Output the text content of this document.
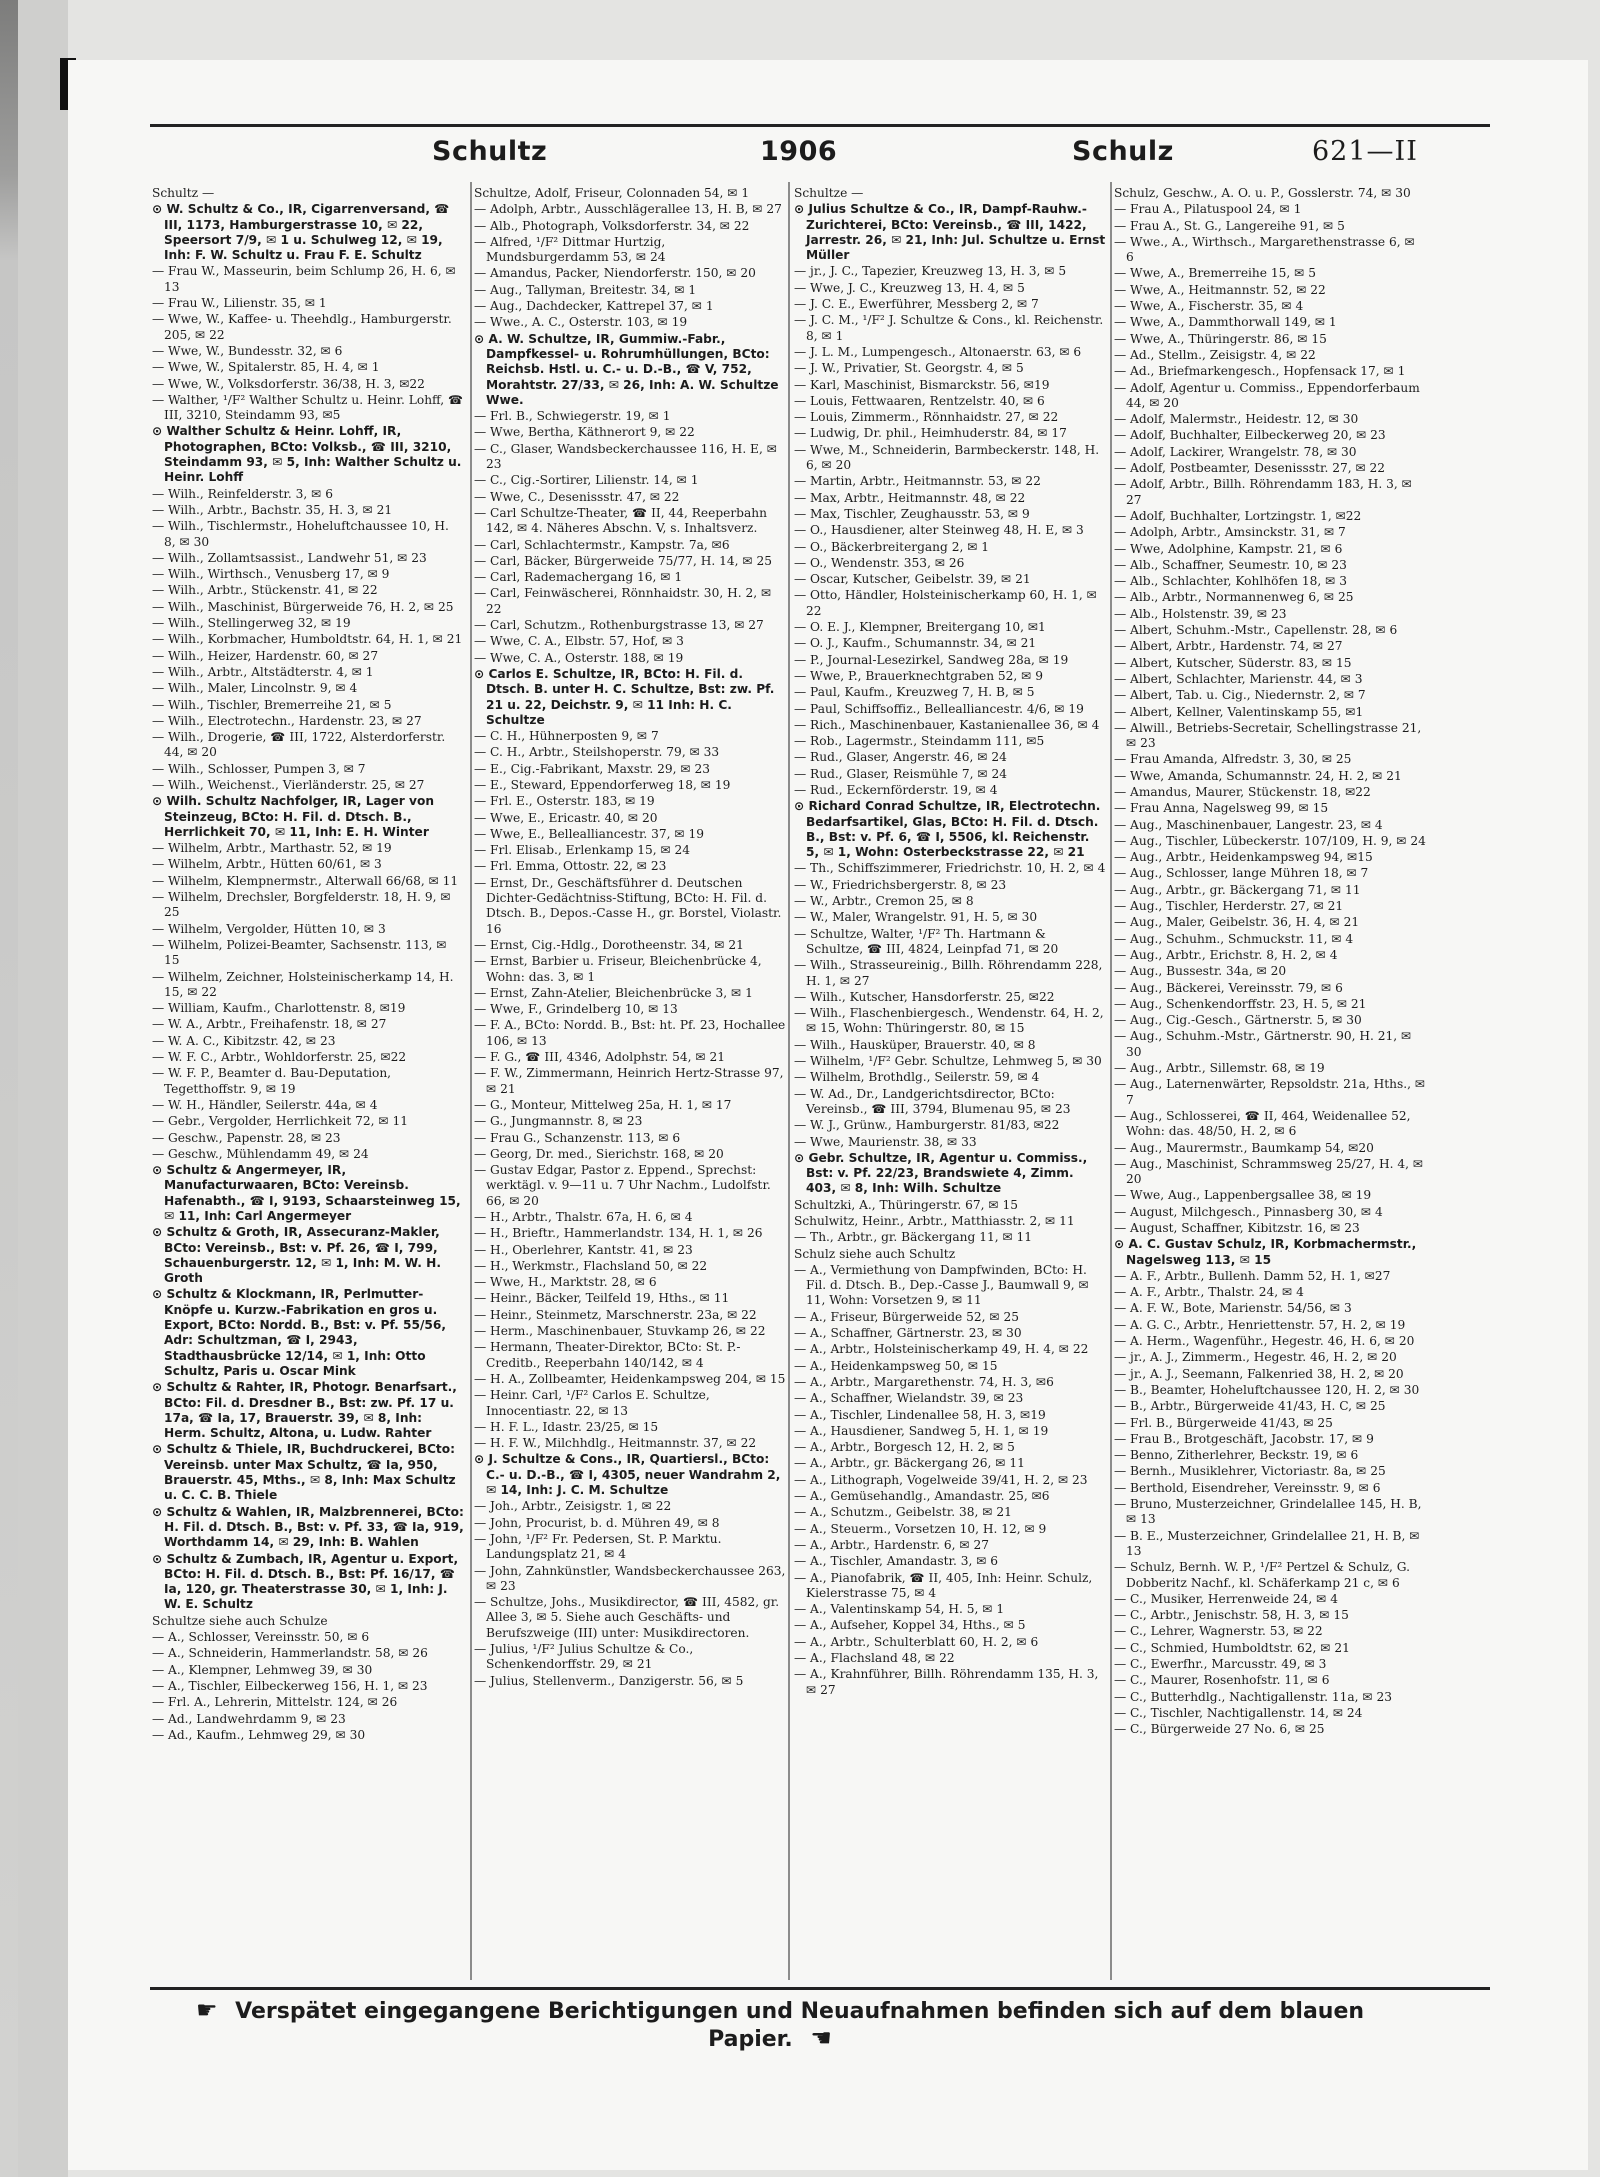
Schultz	1906	Schulz	621—II

Schultz —

⊙ W. Schultz & Co., IR, Cigarrenversand, ☎ III, 1173, Hamburgerstrasse 10, ✉ 22, Speersort 7/9, ✉ 1 u. Schulweg 12, ✉ 19, Inh: F. W. Schultz u. Frau F. E. Schultz

— Frau W., Masseurin, beim Schlump 26, H. 6, ✉ 13

— Frau W., Lilienstr. 35, ✉ 1

— Wwe, W., Kaffee- u. Theehdlg., Hamburgerstr. 205, ✉ 22

— Wwe, W., Bundesstr. 32, ✉ 6

— Wwe, W., Spitalerstr. 85, H. 4, ✉ 1

— Wwe, W., Volksdorferstr. 36/38, H. 3, ✉22

— Walther, ¹/F² Walther Schultz u. Heinr. Lohff, ☎ III, 3210, Steindamm 93, ✉5

⊙ Walther Schultz & Heinr. Lohff, IR, Photographen, BCto: Volksb., ☎ III, 3210, Steindamm 93, ✉ 5, Inh: Walther Schultz u. Heinr. Lohff

— Wilh., Reinfelderstr. 3, ✉ 6

— Wilh., Arbtr., Bachstr. 35, H. 3, ✉ 21

— Wilh., Tischlermstr., Hoheluftchaussee 10, H. 8, ✉ 30

— Wilh., Zollamtsassist., Landwehr 51, ✉ 23

— Wilh., Wirthsch., Venusberg 17, ✉ 9

— Wilh., Arbtr., Stückenstr. 41, ✉ 22

— Wilh., Maschinist, Bürgerweide 76, H. 2, ✉ 25

— Wilh., Stellingerweg 32, ✉ 19

— Wilh., Korbmacher, Humboldtstr. 64, H. 1, ✉ 21

— Wilh., Heizer, Hardenstr. 60, ✉ 27

— Wilh., Arbtr., Altstädterstr. 4, ✉ 1

— Wilh., Maler, Lincolnstr. 9, ✉ 4

— Wilh., Tischler, Bremerreihe 21, ✉ 5

— Wilh., Electrotechn., Hardenstr. 23, ✉ 27

— Wilh., Drogerie, ☎ III, 1722, Alsterdorferstr. 44, ✉ 20

— Wilh., Schlosser, Pumpen 3, ✉ 7

— Wilh., Weichenst., Vierländerstr. 25, ✉ 27

⊙ Wilh. Schultz Nachfolger, IR, Lager von Steinzeug, BCto: H. Fil. d. Dtsch. B., Herrlichkeit 70, ✉ 11, Inh: E. H. Winter

— Wilhelm, Arbtr., Marthastr. 52, ✉ 19

— Wilhelm, Arbtr., Hütten 60/61, ✉ 3

— Wilhelm, Klempnermstr., Alterwall 66/68, ✉ 11

— Wilhelm, Drechsler, Borgfelderstr. 18, H. 9, ✉ 25

— Wilhelm, Vergolder, Hütten 10, ✉ 3

— Wilhelm, Polizei-Beamter, Sachsenstr. 113, ✉ 15

— Wilhelm, Zeichner, Holsteinischerkamp 14, H. 15, ✉ 22

— William, Kaufm., Charlottenstr. 8, ✉19

— W. A., Arbtr., Freihafenstr. 18, ✉ 27

— W. A. C., Kibitzstr. 42, ✉ 23

— W. F. C., Arbtr., Wohldorferstr. 25, ✉22

— W. F. P., Beamter d. Bau-Deputation, Tegetthoffstr. 9, ✉ 19

— W. H., Händler, Seilerstr. 44a, ✉ 4

— Gebr., Vergolder, Herrlichkeit 72, ✉ 11

— Geschw., Papenstr. 28, ✉ 23

— Geschw., Mühlendamm 49, ✉ 24

⊙ Schultz & Angermeyer, IR, Manufacturwaaren, BCto: Vereinsb. Hafenabth., ☎ I, 9193, Schaarsteinweg 15, ✉ 11, Inh: Carl Angermeyer

⊙ Schultz & Groth, IR, Assecuranz-Makler, BCto: Vereinsb., Bst: v. Pf. 26, ☎ I, 799, Schauenburgerstr. 12, ✉ 1, Inh: M. W. H. Groth

⊙ Schultz & Klockmann, IR, Perlmutter-Knöpfe u. Kurzw.-Fabrikation en gros u. Export, BCto: Nordd. B., Bst: v. Pf. 55/56, Adr: Schultzman, ☎ I, 2943, Stadthausbrücke 12/14, ✉ 1, Inh: Otto Schultz, Paris u. Oscar Mink

⊙ Schultz & Rahter, IR, Photogr. Benarfsart., BCto: Fil. d. Dresdner B., Bst: zw. Pf. 17 u. 17a, ☎ Ia, 17, Brauerstr. 39, ✉ 8, Inh: Herm. Schultz, Altona, u. Ludw. Rahter

⊙ Schultz & Thiele, IR, Buchdruckerei, BCto: Vereinsb. unter Max Schultz, ☎ Ia, 950, Brauerstr. 45, Mths., ✉ 8, Inh: Max Schultz u. C. C. B. Thiele

⊙ Schultz & Wahlen, IR, Malzbrennerei, BCto: H. Fil. d. Dtsch. B., Bst: v. Pf. 33, ☎ Ia, 919, Worthdamm 14, ✉ 29, Inh: B. Wahlen

⊙ Schultz & Zumbach, IR, Agentur u. Export, BCto: H. Fil. d. Dtsch. B., Bst: Pf. 16/17, ☎ Ia, 120, gr. Theaterstrasse 30, ✉ 1, Inh: J. W. E. Schultz

Schultze siehe auch Schulze

— A., Schlosser, Vereinsstr. 50, ✉ 6

— A., Schneiderin, Hammerlandstr. 58, ✉ 26

— A., Klempner, Lehmweg 39, ✉ 30

— A., Tischler, Eilbeckerweg 156, H. 1, ✉ 23

— Frl. A., Lehrerin, Mittelstr. 124, ✉ 26

— Ad., Landwehrdamm 9, ✉ 23

— Ad., Kaufm., Lehmweg 29, ✉ 30

Schultze, Adolf, Friseur, Colonnaden 54, ✉ 1

— Adolph, Arbtr., Ausschlägerallee 13, H. B, ✉ 27

— Alb., Photograph, Volksdorferstr. 34, ✉ 22

— Alfred, ¹/F² Dittmar Hurtzig, Mundsburgerdamm 53, ✉ 24

— Amandus, Packer, Niendorferstr. 150, ✉ 20

— Aug., Tallyman, Breitestr. 34, ✉ 1

— Aug., Dachdecker, Kattrepel 37, ✉ 1

— Wwe., A. C., Osterstr. 103, ✉ 19

⊙ A. W. Schultze, IR, Gummiw.-Fabr., Dampfkessel- u. Rohrumhüllungen, BCto: Reichsb. Hstl. u. C.- u. D.-B., ☎ V, 752, Morahtstr. 27/33, ✉ 26, Inh: A. W. Schultze Wwe.

— Frl. B., Schwiegerstr. 19, ✉ 1

— Wwe, Bertha, Käthnerort 9, ✉ 22

— C., Glaser, Wandsbeckerchaussee 116, H. E, ✉ 23

— C., Cig.-Sortirer, Lilienstr. 14, ✉ 1

— Wwe, C., Desenissstr. 47, ✉ 22

— Carl Schultze-Theater, ☎ II, 44, Reeperbahn 142, ✉ 4. Näheres Abschn. V, s. Inhaltsverz.

— Carl, Schlachtermstr., Kampstr. 7a, ✉6

— Carl, Bäcker, Bürgerweide 75/77, H. 14, ✉ 25

— Carl, Rademachergang 16, ✉ 1

— Carl, Feinwäscherei, Rönnhaidstr. 30, H. 2, ✉ 22

— Carl, Schutzm., Rothenburgstrasse 13, ✉ 27

— Wwe, C. A., Elbstr. 57, Hof, ✉ 3

— Wwe, C. A., Osterstr. 188, ✉ 19

⊙ Carlos E. Schultze, IR, BCto: H. Fil. d. Dtsch. B. unter H. C. Schultze, Bst: zw. Pf. 21 u. 22, Deichstr. 9, ✉ 11 Inh: H. C. Schultze

— C. H., Hühnerposten 9, ✉ 7

— C. H., Arbtr., Steilshoperstr. 79, ✉ 33

— E., Cig.-Fabrikant, Maxstr. 29, ✉ 23

— E., Steward, Eppendorferweg 18, ✉ 19

— Frl. E., Osterstr. 183, ✉ 19

— Wwe, E., Ericastr. 40, ✉ 20

— Wwe, E., Bellealliancestr. 37, ✉ 19

— Frl. Elisab., Erlenkamp 15, ✉ 24

— Frl. Emma, Ottostr. 22, ✉ 23

— Ernst, Dr., Geschäftsführer d. Deutschen Dichter-Gedächtniss-Stiftung, BCto: H. Fil. d. Dtsch. B., Depos.-Casse H., gr. Borstel, Violastr. 16

— Ernst, Cig.-Hdlg., Dorotheenstr. 34, ✉ 21

— Ernst, Barbier u. Friseur, Bleichenbrücke 4, Wohn: das. 3, ✉ 1

— Ernst, Zahn-Atelier, Bleichenbrücke 3, ✉ 1

— Wwe, F., Grindelberg 10, ✉ 13

— F. A., BCto: Nordd. B., Bst: ht. Pf. 23, Hochallee 106, ✉ 13

— F. G., ☎ III, 4346, Adolphstr. 54, ✉ 21

— F. W., Zimmermann, Heinrich Hertz-Strasse 97, ✉ 21

— G., Monteur, Mittelweg 25a, H. 1, ✉ 17

— G., Jungmannstr. 8, ✉ 23

— Frau G., Schanzenstr. 113, ✉ 6

— Georg, Dr. med., Sierichstr. 168, ✉ 20

— Gustav Edgar, Pastor z. Eppend., Sprechst: werktägl. v. 9—11 u. 7 Uhr Nachm., Ludolfstr. 66, ✉ 20

— H., Arbtr., Thalstr. 67a, H. 6, ✉ 4

— H., Brieftr., Hammerlandstr. 134, H. 1, ✉ 26

— H., Oberlehrer, Kantstr. 41, ✉ 23

— H., Werkmstr., Flachsland 50, ✉ 22

— Wwe, H., Marktstr. 28, ✉ 6

— Heinr., Bäcker, Teilfeld 19, Hths., ✉ 11

— Heinr., Steinmetz, Marschnerstr. 23a, ✉ 22

— Herm., Maschinenbauer, Stuvkamp 26, ✉ 22

— Hermann, Theater-Direktor, BCto: St. P.-Creditb., Reeperbahn 140/142, ✉ 4

— H. A., Zollbeamter, Heidenkampsweg 204, ✉ 15

— Heinr. Carl, ¹/F² Carlos E. Schultze, Innocentiastr. 22, ✉ 13

— H. F. L., Idastr. 23/25, ✉ 15

— H. F. W., Milchhdlg., Heitmannstr. 37, ✉ 22

⊙ J. Schultze & Cons., IR, Quartiersl., BCto: C.- u. D.-B., ☎ I, 4305, neuer Wandrahm 2, ✉ 14, Inh: J. C. M. Schultze

— Joh., Arbtr., Zeisigstr. 1, ✉ 22

— John, Procurist, b. d. Mühren 49, ✉ 8

— John, ¹/F² Fr. Pedersen, St. P. Marktu. Landungsplatz 21, ✉ 4

— John, Zahnkünstler, Wandsbeckerchaussee 263, ✉ 23

— Schultze, Johs., Musikdirector, ☎ III, 4582, gr. Allee 3, ✉ 5. Siehe auch Geschäfts- und Berufszweige (III) unter: Musikdirectoren.

— Julius, ¹/F² Julius Schultze & Co., Schenkendorffstr. 29, ✉ 21

— Julius, Stellenverm., Danzigerstr. 56, ✉ 5

Schultze —

⊙ Julius Schultze & Co., IR, Dampf-Rauhw.-Zurichterei, BCto: Vereinsb., ☎ III, 1422, Jarrestr. 26, ✉ 21, Inh: Jul. Schultze u. Ernst Müller

— jr., J. C., Tapezier, Kreuzweg 13, H. 3, ✉ 5

— Wwe, J. C., Kreuzweg 13, H. 4, ✉ 5

— J. C. E., Ewerführer, Messberg 2, ✉ 7

— J. C. M., ¹/F² J. Schultze & Cons., kl. Reichenstr. 8, ✉ 1

— J. L. M., Lumpengesch., Altonaerstr. 63, ✉ 6

— J. W., Privatier, St. Georgstr. 4, ✉ 5

— Karl, Maschinist, Bismarckstr. 56, ✉19

— Louis, Fettwaaren, Rentzelstr. 40, ✉ 6

— Louis, Zimmerm., Rönnhaidstr. 27, ✉ 22

— Ludwig, Dr. phil., Heimhuderstr. 84, ✉ 17

— Wwe, M., Schneiderin, Barmbeckerstr. 148, H. 6, ✉ 20

— Martin, Arbtr., Heitmannstr. 53, ✉ 22

— Max, Arbtr., Heitmannstr. 48, ✉ 22

— Max, Tischler, Zeughausstr. 53, ✉ 9

— O., Hausdiener, alter Steinweg 48, H. E, ✉ 3

— O., Bäckerbreitergang 2, ✉ 1

— O., Wendenstr. 353, ✉ 26

— Oscar, Kutscher, Geibelstr. 39, ✉ 21

— Otto, Händler, Holsteinischerkamp 60, H. 1, ✉ 22

— O. E. J., Klempner, Breitergang 10, ✉1

— O. J., Kaufm., Schumannstr. 34, ✉ 21

— P., Journal-Lesezirkel, Sandweg 28a, ✉ 19

— Wwe, P., Brauerknechtgraben 52, ✉ 9

— Paul, Kaufm., Kreuzweg 7, H. B, ✉ 5

— Paul, Schiffsoffiz., Bellealliancestr. 4/6, ✉ 19

— Rich., Maschinenbauer, Kastanienallee 36, ✉ 4

— Rob., Lagermstr., Steindamm 111, ✉5

— Rud., Glaser, Angerstr. 46, ✉ 24

— Rud., Glaser, Reismühle 7, ✉ 24

— Rud., Eckernförderstr. 19, ✉ 4

⊙ Richard Conrad Schultze, IR, Electrotechn. Bedarfsartikel, Glas, BCto: H. Fil. d. Dtsch. B., Bst: v. Pf. 6, ☎ I, 5506, kl. Reichenstr. 5, ✉ 1, Wohn: Osterbeckstrasse 22, ✉ 21

— Th., Schiffszimmerer, Friedrichstr. 10, H. 2, ✉ 4

— W., Friedrichsbergerstr. 8, ✉ 23

— W., Arbtr., Cremon 25, ✉ 8

— W., Maler, Wrangelstr. 91, H. 5, ✉ 30

— Schultze, Walter, ¹/F² Th. Hartmann & Schultze, ☎ III, 4824, Leinpfad 71, ✉ 20

— Wilh., Strasseureinig., Billh. Röhrendamm 228, H. 1, ✉ 27

— Wilh., Kutscher, Hansdorferstr. 25, ✉22

— Wilh., Flaschenbiergesch., Wendenstr. 64, H. 2, ✉ 15, Wohn: Thüringerstr. 80, ✉ 15

— Wilh., Hausküper, Brauerstr. 40, ✉ 8

— Wilhelm, ¹/F² Gebr. Schultze, Lehmweg 5, ✉ 30

— Wilhelm, Brothdlg., Seilerstr. 59, ✉ 4

— W. Ad., Dr., Landgerichtsdirector, BCto: Vereinsb., ☎ III, 3794, Blumenau 95, ✉ 23

— W. J., Grünw., Hamburgerstr. 81/83, ✉22

— Wwe, Maurienstr. 38, ✉ 33

⊙ Gebr. Schultze, IR, Agentur u. Commiss., Bst: v. Pf. 22/23, Brandswiete 4, Zimm. 403, ✉ 8, Inh: Wilh. Schultze

Schultzki, A., Thüringerstr. 67, ✉ 15

Schulwitz, Heinr., Arbtr., Matthiasstr. 2, ✉ 11

— Th., Arbtr., gr. Bäckergang 11, ✉ 11

Schulz siehe auch Schultz

— A., Vermiethung von Dampfwinden, BCto: H. Fil. d. Dtsch. B., Dep.-Casse J., Baumwall 9, ✉ 11, Wohn: Vorsetzen 9, ✉ 11

— A., Friseur, Bürgerweide 52, ✉ 25

— A., Schaffner, Gärtnerstr. 23, ✉ 30

— A., Arbtr., Holsteinischerkamp 49, H. 4, ✉ 22

— A., Heidenkampsweg 50, ✉ 15

— A., Arbtr., Margarethenstr. 74, H. 3, ✉6

— A., Schaffner, Wielandstr. 39, ✉ 23

— A., Tischler, Lindenallee 58, H. 3, ✉19

— A., Hausdiener, Sandweg 5, H. 1, ✉ 19

— A., Arbtr., Borgesch 12, H. 2, ✉ 5

— A., Arbtr., gr. Bäckergang 26, ✉ 11

— A., Lithograph, Vogelweide 39/41, H. 2, ✉ 23

— A., Gemüsehandlg., Amandastr. 25, ✉6

— A., Schutzm., Geibelstr. 38, ✉ 21

— A., Steuerm., Vorsetzen 10, H. 12, ✉ 9

— A., Arbtr., Hardenstr. 6, ✉ 27

— A., Tischler, Amandastr. 3, ✉ 6

— A., Pianofabrik, ☎ II, 405, Inh: Heinr. Schulz, Kielerstrasse 75, ✉ 4

— A., Valentinskamp 54, H. 5, ✉ 1

— A., Aufseher, Koppel 34, Hths., ✉ 5

— A., Arbtr., Schulterblatt 60, H. 2, ✉ 6

— A., Flachsland 48, ✉ 22

— A., Krahnführer, Billh. Röhrendamm 135, H. 3, ✉ 27

Schulz, Geschw., A. O. u. P., Gosslerstr. 74, ✉ 30

— Frau A., Pilatuspool 24, ✉ 1

— Frau A., St. G., Langereihe 91, ✉ 5

— Wwe., A., Wirthsch., Margarethenstrasse 6, ✉ 6

— Wwe, A., Bremerreihe 15, ✉ 5

— Wwe, A., Heitmannstr. 52, ✉ 22

— Wwe, A., Fischerstr. 35, ✉ 4

— Wwe, A., Dammthorwall 149, ✉ 1

— Wwe, A., Thüringerstr. 86, ✉ 15

— Ad., Stellm., Zeisigstr. 4, ✉ 22

— Ad., Briefmarkengesch., Hopfensack 17, ✉ 1

— Adolf, Agentur u. Commiss., Eppendorferbaum 44, ✉ 20

— Adolf, Malermstr., Heidestr. 12, ✉ 30

— Adolf, Buchhalter, Eilbeckerweg 20, ✉ 23

— Adolf, Lackirer, Wrangelstr. 78, ✉ 30

— Adolf, Postbeamter, Desenissstr. 27, ✉ 22

— Adolf, Arbtr., Billh. Röhrendamm 183, H. 3, ✉ 27

— Adolf, Buchhalter, Lortzingstr. 1, ✉22

— Adolph, Arbtr., Amsinckstr. 31, ✉ 7

— Wwe, Adolphine, Kampstr. 21, ✉ 6

— Alb., Schaffner, Seumestr. 10, ✉ 23

— Alb., Schlachter, Kohlhöfen 18, ✉ 3

— Alb., Arbtr., Normannenweg 6, ✉ 25

— Alb., Holstenstr. 39, ✉ 23

— Albert, Schuhm.-Mstr., Capellenstr. 28, ✉ 6

— Albert, Arbtr., Hardenstr. 74, ✉ 27

— Albert, Kutscher, Süderstr. 83, ✉ 15

— Albert, Schlachter, Marienstr. 44, ✉ 3

— Albert, Tab. u. Cig., Niedernstr. 2, ✉ 7

— Albert, Kellner, Valentinskamp 55, ✉1

— Alwill., Betriebs-Secretair, Schellingstrasse 21, ✉ 23

— Frau Amanda, Alfredstr. 3, 30, ✉ 25

— Wwe, Amanda, Schumannstr. 24, H. 2, ✉ 21

— Amandus, Maurer, Stückenstr. 18, ✉22

— Frau Anna, Nagelsweg 99, ✉ 15

— Aug., Maschinenbauer, Langestr. 23, ✉ 4

— Aug., Tischler, Lübeckerstr. 107/109, H. 9, ✉ 24

— Aug., Arbtr., Heidenkampsweg 94, ✉15

— Aug., Schlosser, lange Mühren 18, ✉ 7

— Aug., Arbtr., gr. Bäckergang 71, ✉ 11

— Aug., Tischler, Herderstr. 27, ✉ 21

— Aug., Maler, Geibelstr. 36, H. 4, ✉ 21

— Aug., Schuhm., Schmuckstr. 11, ✉ 4

— Aug., Arbtr., Erichstr. 8, H. 2, ✉ 4

— Aug., Bussestr. 34a, ✉ 20

— Aug., Bäckerei, Vereinsstr. 79, ✉ 6

— Aug., Schenkendorffstr. 23, H. 5, ✉ 21

— Aug., Cig.-Gesch., Gärtnerstr. 5, ✉ 30

— Aug., Schuhm.-Mstr., Gärtnerstr. 90, H. 21, ✉ 30

— Aug., Arbtr., Sillemstr. 68, ✉ 19

— Aug., Laternenwärter, Repsoldstr. 21a, Hths., ✉ 7

— Aug., Schlosserei, ☎ II, 464, Weidenallee 52, Wohn: das. 48/50, H. 2, ✉ 6

— Aug., Maurermstr., Baumkamp 54, ✉20

— Aug., Maschinist, Schrammsweg 25/27, H. 4, ✉ 20

— Wwe, Aug., Lappenbergsallee 38, ✉ 19

— August, Milchgesch., Pinnasberg 30, ✉ 4

— August, Schaffner, Kibitzstr. 16, ✉ 23

⊙ A. C. Gustav Schulz, IR, Korbmachermstr., Nagelsweg 113, ✉ 15

— A. F., Arbtr., Bullenh. Damm 52, H. 1, ✉27

— A. F., Arbtr., Thalstr. 24, ✉ 4

— A. F. W., Bote, Marienstr. 54/56, ✉ 3

— A. G. C., Arbtr., Henriettenstr. 57, H. 2, ✉ 19

— A. Herm., Wagenführ., Hegestr. 46, H. 6, ✉ 20

— jr., A. J., Zimmerm., Hegestr. 46, H. 2, ✉ 20

— jr., A. J., Seemann, Falkenried 38, H. 2, ✉ 20

— B., Beamter, Hoheluftchaussee 120, H. 2, ✉ 30

— B., Arbtr., Bürgerweide 41/43, H. C, ✉ 25

— Frl. B., Bürgerweide 41/43, ✉ 25

— Frau B., Brotgeschäft, Jacobstr. 17, ✉ 9

— Benno, Zitherlehrer, Beckstr. 19, ✉ 6

— Bernh., Musiklehrer, Victoriastr. 8a, ✉ 25

— Berthold, Eisendreher, Vereinsstr. 9, ✉ 6

— Bruno, Musterzeichner, Grindelallee 145, H. B, ✉ 13

— B. E., Musterzeichner, Grindelallee 21, H. B, ✉ 13

— Schulz, Bernh. W. P., ¹/F² Pertzel & Schulz, G. Dobberitz Nachf., kl. Schäferkamp 21 c, ✉ 6

— C., Musiker, Herrenweide 24, ✉ 4

— C., Arbtr., Jenischstr. 58, H. 3, ✉ 15

— C., Lehrer, Wagnerstr. 53, ✉ 22

— C., Schmied, Humboldtstr. 62, ✉ 21

— C., Ewerfhr., Marcusstr. 49, ✉ 3

— C., Maurer, Rosenhofstr. 11, ✉ 6

— C., Butterhdlg., Nachtigallenstr. 11a, ✉ 23

— C., Tischler, Nachtigallenstr. 14, ✉ 24

— C., Bürgerweide 27 No. 6, ✉ 25

☛ Verspätet eingegangene Berichtigungen und Neuaufnahmen befinden sich auf dem blauen Papier. ☚
